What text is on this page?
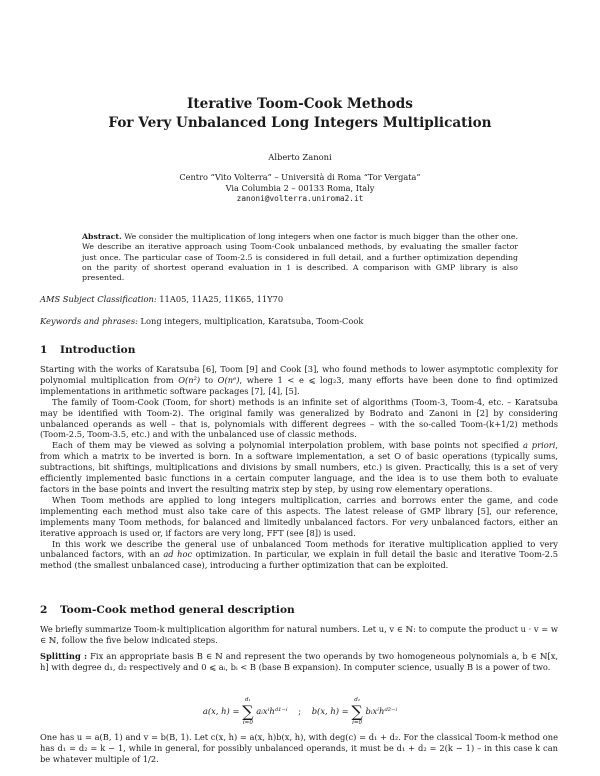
Iterative Toom-Cook Methods
For Very Unbalanced Long Integers Multiplication
Alberto Zanoni
Centro “Vito Volterra” – Università di Roma “Tor Vergata”
Via Columbia 2 – 00133 Roma, Italy
zanoni@volterra.uniroma2.it
Abstract. We consider the multiplication of long integers when one factor is much bigger than the other one. We describe an iterative approach using Toom-Cook unbalanced methods, by evaluating the smaller factor just once. The particular case of Toom-2.5 is considered in full detail, and a further optimization depending on the parity of shortest operand evaluation in 1 is described. A comparison with GMP library is also presented.
AMS Subject Classification: 11A05, 11A25, 11K65, 11Y70
Keywords and phrases: Long integers, multiplication, Karatsuba, Toom-Cook
1 Introduction

Starting with the works of Karatsuba [6], Toom [9] and Cook [3], who found methods to lower asymptotic complexity for polynomial multiplication from O(n²) to O(nᵉ), where 1 < e ⩽ log₂3, many efforts have been done to find optimized implementations in arithmetic software packages [7], [4], [5].

The family of Toom-Cook (Toom, for short) methods is an infinite set of algorithms (Toom-3, Toom-4, etc. – Karatsuba may be identified with Toom-2). The original family was generalized by Bodrato and Zanoni in [2] by considering unbalanced operands as well – that is, polynomials with different degrees – with the so-called Toom-(k+1/2) methods (Toom-2.5, Toom-3.5, etc.) and with the unbalanced use of classic methods.

Each of them may be viewed as solving a polynomial interpolation problem, with base points not specified a priori, from which a matrix to be inverted is born. In a software implementation, a set O of basic operations (typically sums, subtractions, bit shiftings, multiplications and divisions by small numbers, etc.) is given. Practically, this is a set of very efficiently implemented basic functions in a certain computer language, and the idea is to use them both to evaluate factors in the base points and invert the resulting matrix step by step, by using row elementary operations.

When Toom methods are applied to long integers multiplication, carries and borrows enter the game, and code implementing each method must also take care of this aspects. The latest release of GMP library [5], our reference, implements many Toom methods, for balanced and limitedly unbalanced factors. For very unbalanced factors, either an iterative approach is used or, if factors are very long, FFT (see [8]) is used.

In this work we describe the general use of unbalanced Toom methods for iterative multiplication applied to very unbalanced factors, with an ad hoc optimization. In particular, we explain in full detail the basic and iterative Toom-2.5 method (the smallest unbalanced case), introducing a further optimization that can be exploited.

2 Toom-Cook method general description

We briefly summarize Toom-k multiplication algorithm for natural numbers. Let u, v ∈ ℕ: to compute the product u · v = w ∈ ℕ, follow the five below indicated steps.

Splitting : Fix an appropriate basis B ∈ ℕ and represent the two operands by two homogeneous polynomials a, b ∈ ℕ[x, h] with degree d₁, d₂ respectively and 0 ⩽ aᵢ, bᵢ < B (base B expansion). In computer science, usually B is a power of two.
a(x, h) =
d₁
∑
i=0
aᵢxⁱhᵈ¹⁻ⁱ ; b(x, h) =
d₂
∑
i=0
bᵢxⁱhᵈ²⁻ⁱ

One has u = a(B, 1) and v = b(B, 1). Let c(x, h) = a(x, h)b(x, h), with deg(c) = d₁ + d₂. For the classical Toom-k method one has d₁ = d₂ = k − 1, while in general, for possibly unbalanced operands, it must be d₁ + d₂ = 2(k − 1) – in this case k can be whatever multiple of 1/2.
